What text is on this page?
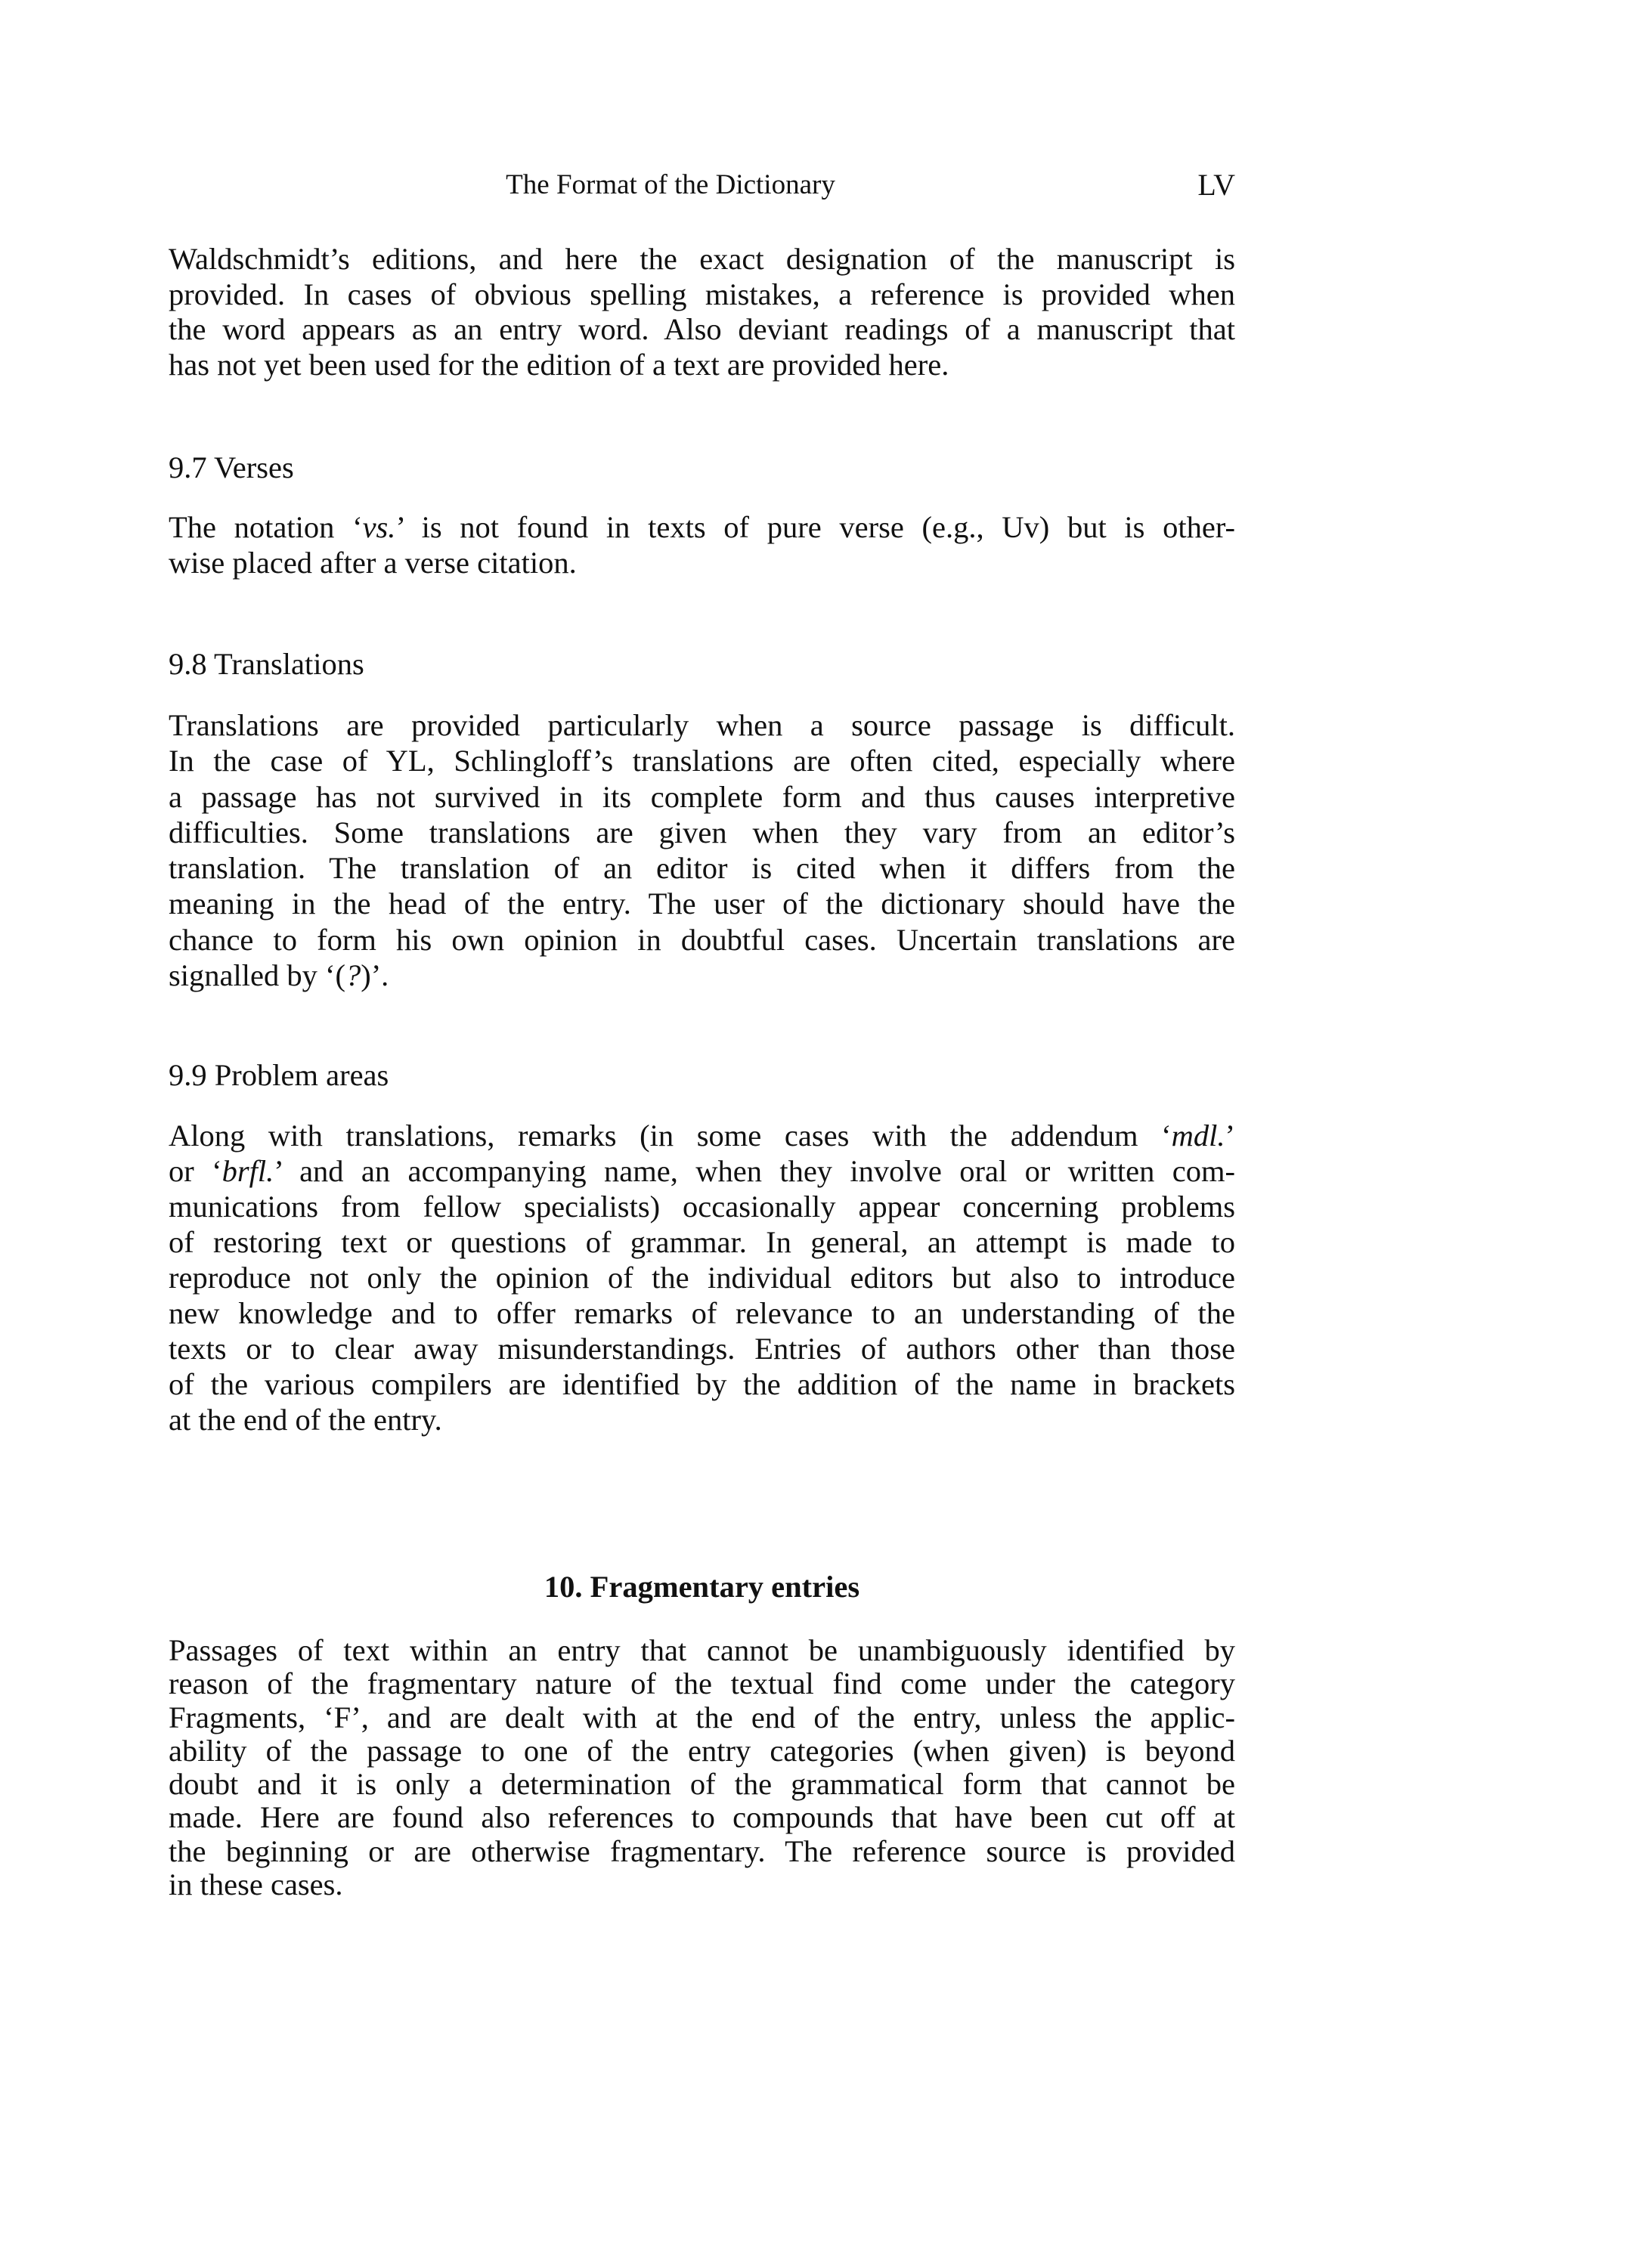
The Format of the Dictionary	LV
Waldschmidt’s editions, and here the exact designation of the manuscript is
provided. In cases of obvious spelling mistakes, a reference is provided when
the word appears as an entry word. Also deviant readings of a manuscript that
has not yet been used for the edition of a text are provided here.
9.7 Verses
The notation ‘vs.’ is not found in texts of pure verse (e.g., Uv) but is other-
wise placed after a verse citation.
9.8 Translations
Translations are provided particularly when a source passage is difficult.
In the case of YL, Schlingloff’s translations are often cited, especially where
a passage has not survived in its complete form and thus causes interpretive
difficulties. Some translations are given when they vary from an editor’s
translation. The translation of an editor is cited when it differs from the
meaning in the head of the entry. The user of the dictionary should have the
chance to form his own opinion in doubtful cases. Uncertain translations are
signalled by ‘(?)’.
9.9 Problem areas
Along with translations, remarks (in some cases with the addendum ‘mdl.’
or ‘brfl.’ and an accompanying name, when they involve oral or written com-
munications from fellow specialists) occasionally appear concerning problems
of restoring text or questions of grammar. In general, an attempt is made to
reproduce not only the opinion of the individual editors but also to introduce
new knowledge and to offer remarks of relevance to an understanding of the
texts or to clear away misunderstandings. Entries of authors other than those
of the various compilers are identified by the addition of the name in brackets
at the end of the entry.
10. Fragmentary entries
Passages of text within an entry that cannot be unambiguously identified by
reason of the fragmentary nature of the textual find come under the category
Fragments, ‘F’, and are dealt with at the end of the entry, unless the applic-
ability of the passage to one of the entry categories (when given) is beyond
doubt and it is only a determination of the grammatical form that cannot be
made. Here are found also references to compounds that have been cut off at
the beginning or are otherwise fragmentary. The reference source is provided
in these cases.
